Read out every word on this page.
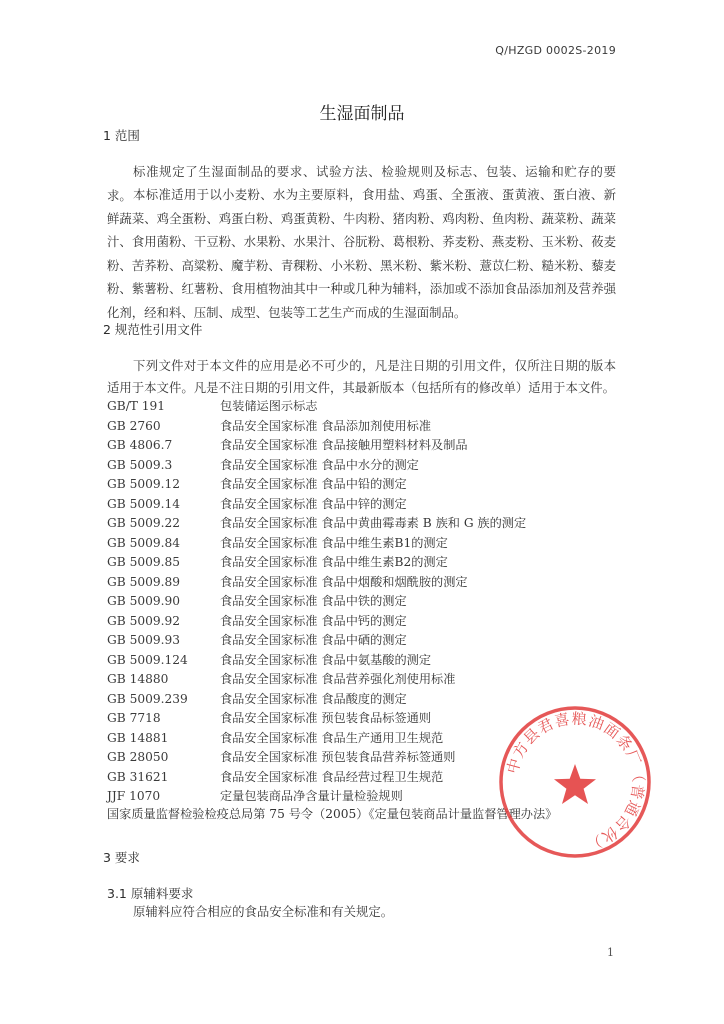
Q/HZGD 0002S-2019
生湿面制品
1 范围

标准规定了生湿面制品的要求、试验方法、检验规则及标志、包装、运输和贮存的要求。 本标准适用于以小麦粉、水为主要原料，食用盐、鸡蛋、全蛋液、蛋黄液、蛋白液、新鲜蔬菜、鸡全蛋粉、鸡蛋白粉、鸡蛋黄粉、牛肉粉、猪肉粉、鸡肉粉、鱼肉粉、蔬菜粉、蔬菜汁、食用菌粉、干豆粉、水果粉、水果汁、谷朊粉、葛根粉、荞麦粉、燕麦粉、玉米粉、莜麦粉、苦荞粉、高粱粉、魔芋粉、青稞粉、小米粉、黑米粉、紫米粉、薏苡仁粉、糙米粉、藜麦粉、紫薯粉、红薯粉、食用植物油其中一种或几种为辅料，添加或不添加食品添加剂及营养强化剂，经和料、压制、成型、包装等工艺生产而成的生湿面制品。

2 规范性引用文件

下列文件对于本文件的应用是必不可少的，凡是注日期的引用文件，仅所注日期的版本适用于本文件。凡是不注日期的引用文件，其最新版本（包括所有的修改单）适用于本文件。

GB/T 191	包装储运图示标志
GB 2760	食品安全国家标准 食品添加剂使用标准
GB 4806.7	食品安全国家标准 食品接触用塑料材料及制品
GB 5009.3	食品安全国家标准 食品中水分的测定
GB 5009.12	食品安全国家标准 食品中铅的测定
GB 5009.14	食品安全国家标准 食品中锌的测定
GB 5009.22	食品安全国家标准 食品中黄曲霉毒素 B 族和 G 族的测定
GB 5009.84	食品安全国家标准 食品中维生素B1的测定
GB 5009.85	食品安全国家标准 食品中维生素B2的测定
GB 5009.89	食品安全国家标准 食品中烟酸和烟酰胺的测定
GB 5009.90	食品安全国家标准 食品中铁的测定
GB 5009.92	食品安全国家标准 食品中钙的测定
GB 5009.93	食品安全国家标准 食品中硒的测定
GB 5009.124	食品安全国家标准 食品中氨基酸的测定
GB 14880	食品安全国家标准 食品营养强化剂使用标准
GB 5009.239	食品安全国家标准 食品酸度的测定
GB 7718	食品安全国家标准 预包装食品标签通则
GB 14881	食品安全国家标准 食品生产通用卫生规范
GB 28050	食品安全国家标准 预包装食品营养标签通则
GB 31621	食品安全国家标准 食品经营过程卫生规范
JJF 1070	定量包装商品净含量计量检验规则
国家质量监督检验检疫总局第 75 号令（2005）《定量包装商品计量监督管理办法》
3 要求
3.1 原辅料要求

原辅料应符合相应的食品安全标准和有关规定。

中方县君喜粮油面条厂（普通合伙）
1
